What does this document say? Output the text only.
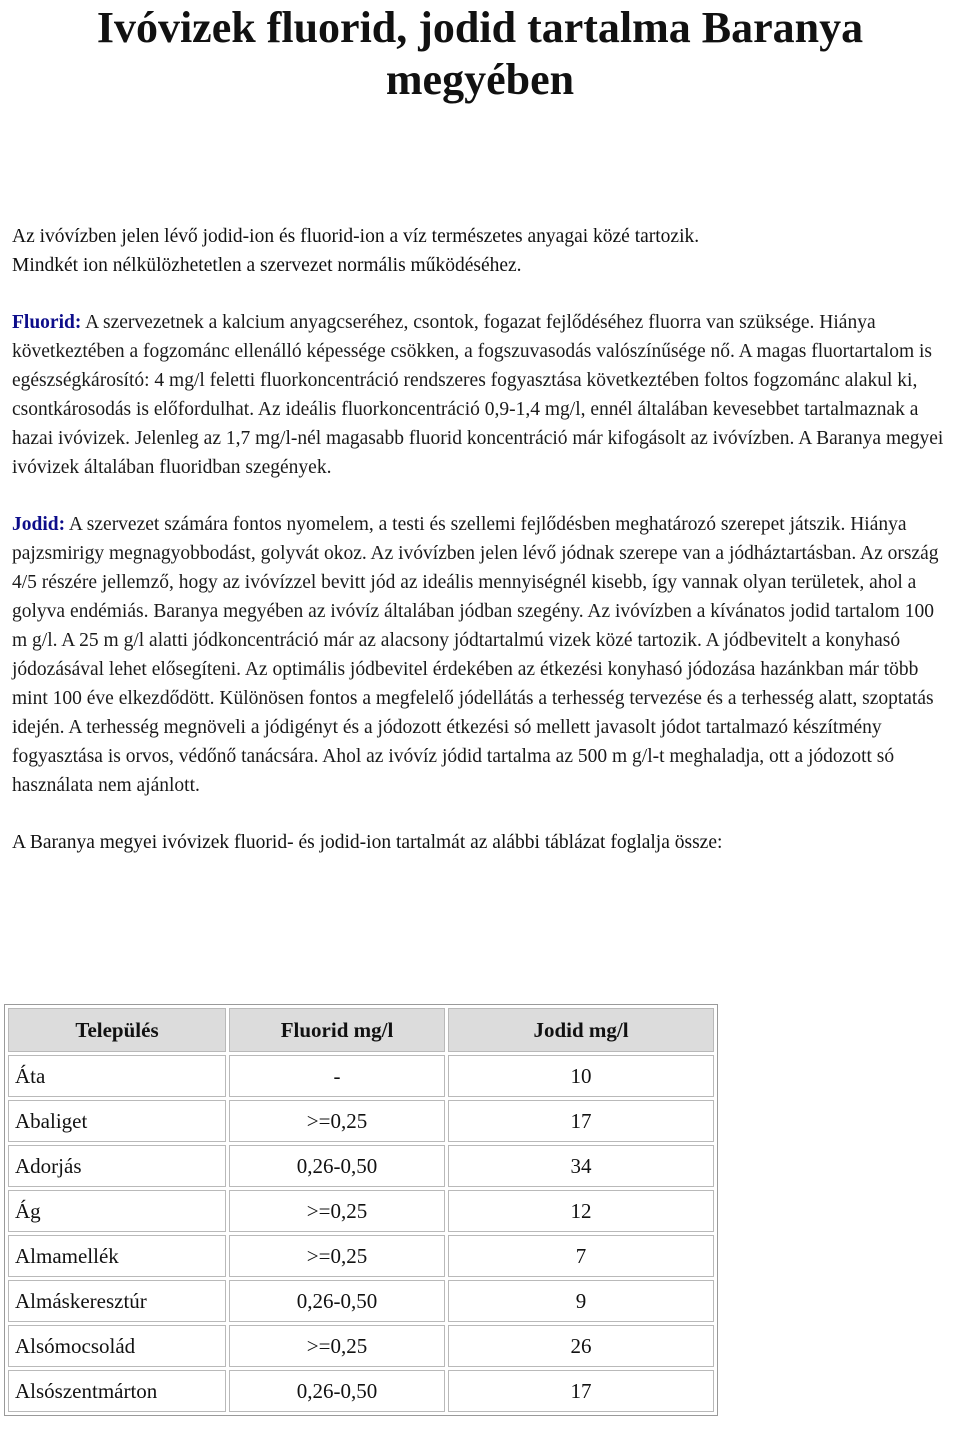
Ivóvizek fluorid, jodid tartalma Baranya megyében

Az ivóvízben jelen lévő jodid-ion és fluorid-ion a víz természetes anyagai közé tartozik.

Mindkét ion nélkülözhetetlen a szervezet normális működéséhez.

Fluorid: A szervezetnek a kalcium anyagcseréhez, csontok, fogazat fejlődéséhez fluorra van szüksége. Hiánya következtében a fogzománc ellenálló képessége csökken, a fogszuvasodás valószínűsége nő. A magas fluortartalom is egészségkárosító: 4 mg/l feletti fluorkoncentráció rendszeres fogyasztása következtében foltos fogzománc alakul ki, csontkárosodás is előfordulhat. Az ideális fluorkoncentráció 0,9-1,4 mg/l, ennél általában kevesebbet tartalmaznak a hazai ivóvizek. Jelenleg az 1,7 mg/l-nél magasabb fluorid koncentráció már kifogásolt az ivóvízben. A Baranya megyei ivóvizek általában fluoridban szegények.

Jodid: A szervezet számára fontos nyomelem, a testi és szellemi fejlődésben meghatározó szerepet játszik. Hiánya pajzsmirigy megnagyobbodást, golyvát okoz. Az ivóvízben jelen lévő jódnak szerepe van a jódháztartásban. Az ország 4/5 részére jellemző, hogy az ivóvízzel bevitt jód az ideális mennyiségnél kisebb, így vannak olyan területek, ahol a golyva endémiás. Baranya megyében az ivóvíz általában jódban szegény. Az ivóvízben a kívánatos jodid tartalom 100 m g/l. A 25 m g/l alatti jódkoncentráció már az alacsony jódtartalmú vizek közé tartozik. A jódbevitelt a konyhasó jódozásával lehet elősegíteni. Az optimális jódbevitel érdekében az étkezési konyhasó jódozása hazánkban már több mint 100 éve elkezdődött. Különösen fontos a megfelelő jódellátás a terhesség tervezése és a terhesség alatt, szoptatás idején. A terhesség megnöveli a jódigényt és a jódozott étkezési só mellett javasolt jódot tartalmazó készítmény fogyasztása is orvos, védőnő tanácsára. Ahol az ivóvíz jódid tartalma az 500 m g/l-t meghaladja, ott a jódozott só használata nem ajánlott.

A Baranya megyei ivóvizek fluorid- és jodid-ion tartalmát az alábbi táblázat foglalja össze:

Település	Fluorid mg/l	Jodid mg/l
Áta	-	10
Abaliget	>=0,25	17
Adorjás	0,26-0,50	34
Ág	>=0,25	12
Almamellék	>=0,25	7
Almáskeresztúr	0,26-0,50	9
Alsómocsolád	>=0,25	26
Alsószentmárton	0,26-0,50	17
